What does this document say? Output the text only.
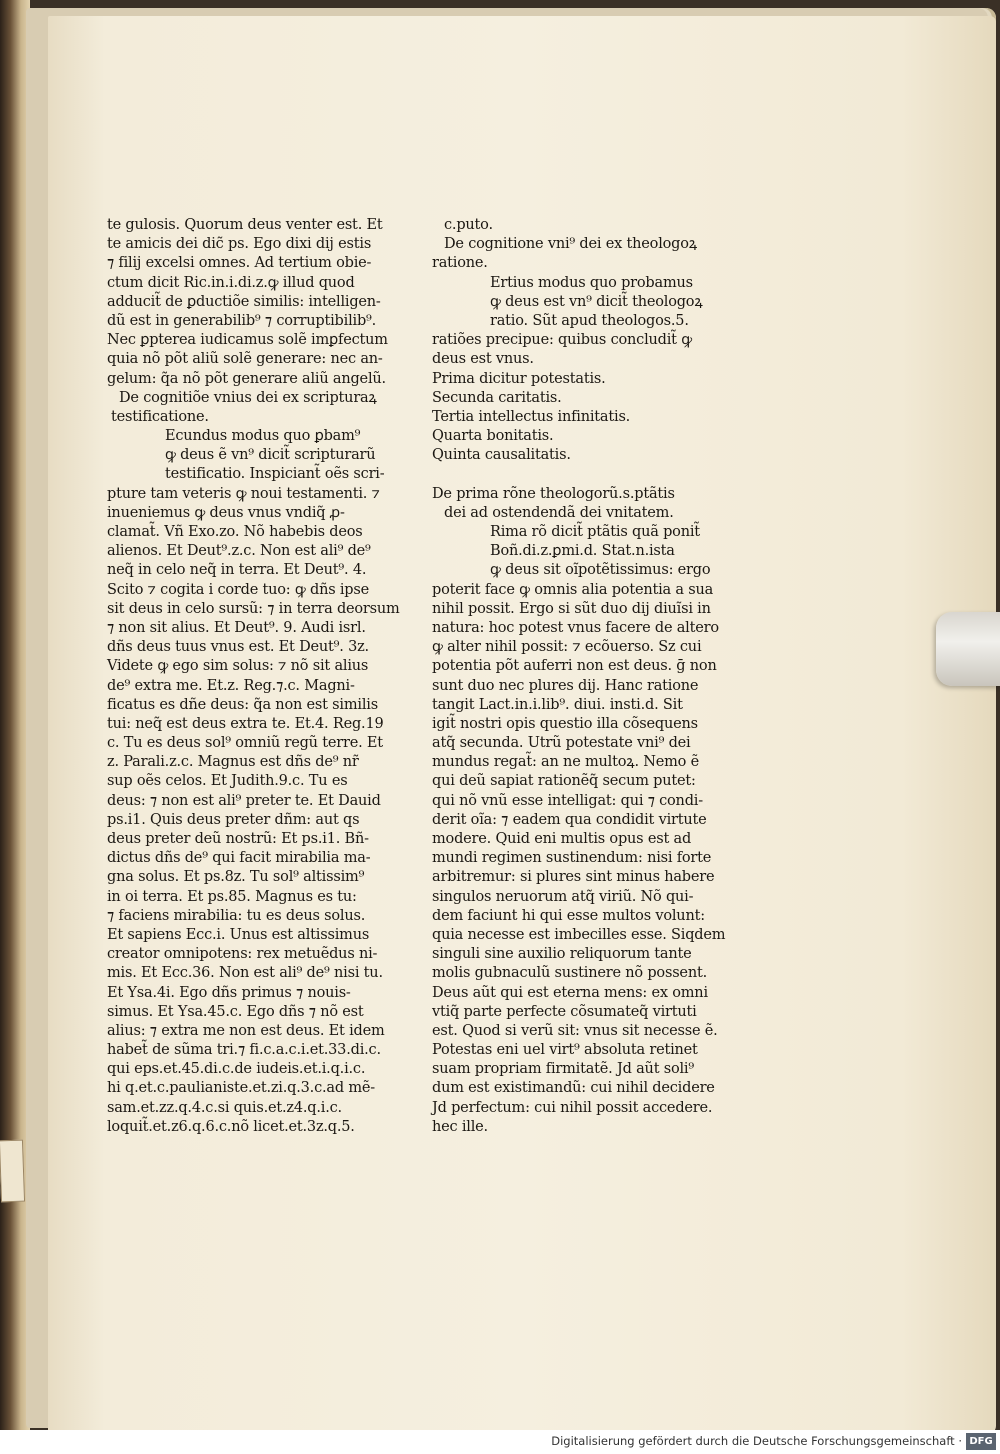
te gulosis. Quorum deus venter est. Et
te amicis dei dic̃ ps. Ego dixi dij estis
⁊ filij excelsi omnes. Ad tertium obie-
ctum dicit Ric.in.i.di.z.ꝙ illud quod
adducit̃ de ꝑductiõe similis: intelligen-
dũ est in generabilib⁹ ⁊ corruptibilib⁹.
Nec ꝑpterea iudicamus solẽ imꝑfectum
quia nõ põt aliũ solẽ generare: nec an-
gelum: q̃a nõ põt generare aliũ angelũ.
De cognitiõe vnius dei ex scripturaꝝ
testificatione.
Ecundus modus quo ꝑbam⁹
ꝙ deus ẽ vn⁹ dicit̃ scripturarũ
testificatio. Inspiciant̃ oẽs scri-
pture tam veteris ꝙ noui testamenti. ⁊
inueniemus ꝙ deus vnus vndiq̃ ꝓ-
clamat̃. Vñ Exo.zo. Nõ habebis deos
alienos. Et Deut⁹.z.c. Non est ali⁹ de⁹
neq̃ in celo neq̃ in terra. Et Deut⁹. 4.
Scito ⁊ cogita i corde tuo: ꝙ dñs ipse
sit deus in celo sursũ: ⁊ in terra deorsum
⁊ non sit alius. Et Deut⁹. 9. Audi isrl.
dñs deus tuus vnus est. Et Deut⁹. 3z.
Videte ꝙ ego sim solus: ⁊ nõ sit alius
de⁹ extra me. Et.z. Reg.⁊.c. Magni-
ficatus es dñe deus: q̃a non est similis
tui: neq̃ est deus extra te. Et.4. Reg.19
c. Tu es deus sol⁹ omniũ regũ terre. Et
z. Parali.z.c. Magnus est dñs de⁹ nr̃
sup oẽs celos. Et Judith.9.c. Tu es
deus: ⁊ non est ali⁹ preter te. Et Dauid
ps.i1. Quis deus preter dñm: aut qs
deus preter deũ nostrũ: Et ps.i1. Bñ-
dictus dñs de⁹ qui facit mirabilia ma-
gna solus. Et ps.8z. Tu sol⁹ altissim⁹
in oi terra. Et ps.85. Magnus es tu:
⁊ faciens mirabilia: tu es deus solus.
Et sapiens Ecc.i. Unus est altissimus
creator omnipotens: rex metuẽdus ni-
mis. Et Ecc.36. Non est ali⁹ de⁹ nisi tu.
Et Ysa.4i. Ego dñs primus ⁊ nouis-
simus. Et Ysa.45.c. Ego dñs ⁊ nõ est
alius: ⁊ extra me non est deus. Et idem
habet̃ de sũma tri.⁊ fi.c.a.c.i.et.33.di.c.
qui eps.et.45.di.c.de iudeis.et.i.q.i.c.
hi q.et.c.paulianiste.et.zi.q.3.c.ad mẽ-
sam.et.zz.q.4.c.si quis.et.z4.q.i.c.
loquit̃.et.z6.q.6.c.nõ licet.et.3z.q.5.
c.puto.
De cognitione vni⁹ dei ex theologoꝝ
ratione.
Ertius modus quo probamus
ꝙ deus est vn⁹ dicit̃ theologoꝝ
ratio. Sũt apud theologos.5.
ratiões precipue: quibus concludit̃ ꝙ
deus est vnus.
Prima dicitur potestatis.
Secunda caritatis.
Tertia intellectus infinitatis.
Quarta bonitatis.
Quinta causalitatis.
De prima rõne theologorũ.s.ptãtis
dei ad ostendendã dei vnitatem.
Rima rõ dicit̃ ptãtis quã ponit̃
Boñ.di.z.ꝑmi.d. Stat.n.ista
ꝙ deus sit oĩpotẽtissimus: ergo
poterit face ꝙ omnis alia potentia a sua
nihil possit. Ergo si sũt duo dij diuĩsi in
natura: hoc potest vnus facere de altero
ꝙ alter nihil possit: ⁊ ecõuerso. Sz cui
potentia põt auferri non est deus. ḡ non
sunt duo nec plures dij. Hanc ratione
tangit Lact.in.i.lib⁹. diui. insti.d. Sit
igit̃ nostri opis questio illa cõsequens
atq̃ secunda. Utrũ potestate vni⁹ dei
mundus regat̃: an ne multoꝝ. Nemo ẽ
qui deũ sapiat rationẽq̃ secum putet:
qui nõ vnũ esse intelligat: qui ⁊ condi-
derit oĩa: ⁊ eadem qua condidit virtute
modere. Quid eni multis opus est ad
mundi regimen sustinendum: nisi forte
arbitremur: si plures sint minus habere
singulos neruorum atq̃ viriũ. Nõ qui-
dem faciunt hi qui esse multos volunt:
quia necesse est imbecilles esse. Siqdem
singuli sine auxilio reliquorum tante
molis gubnaculũ sustinere nõ possent.
Deus aũt qui est eterna mens: ex omni
vtiq̃ parte perfecte cõsumateq̃ virtuti
est. Quod si verũ sit: vnus sit necesse ẽ.
Potestas eni uel virt⁹ absoluta retinet
suam propriam firmitatẽ. Jd aũt soli⁹
dum est existimandũ: cui nihil decidere
Jd perfectum: cui nihil possit accedere.
hec ille.
Digitalisierung gefördert durch die Deutsche Forschungsgemeinschaft · DFG
